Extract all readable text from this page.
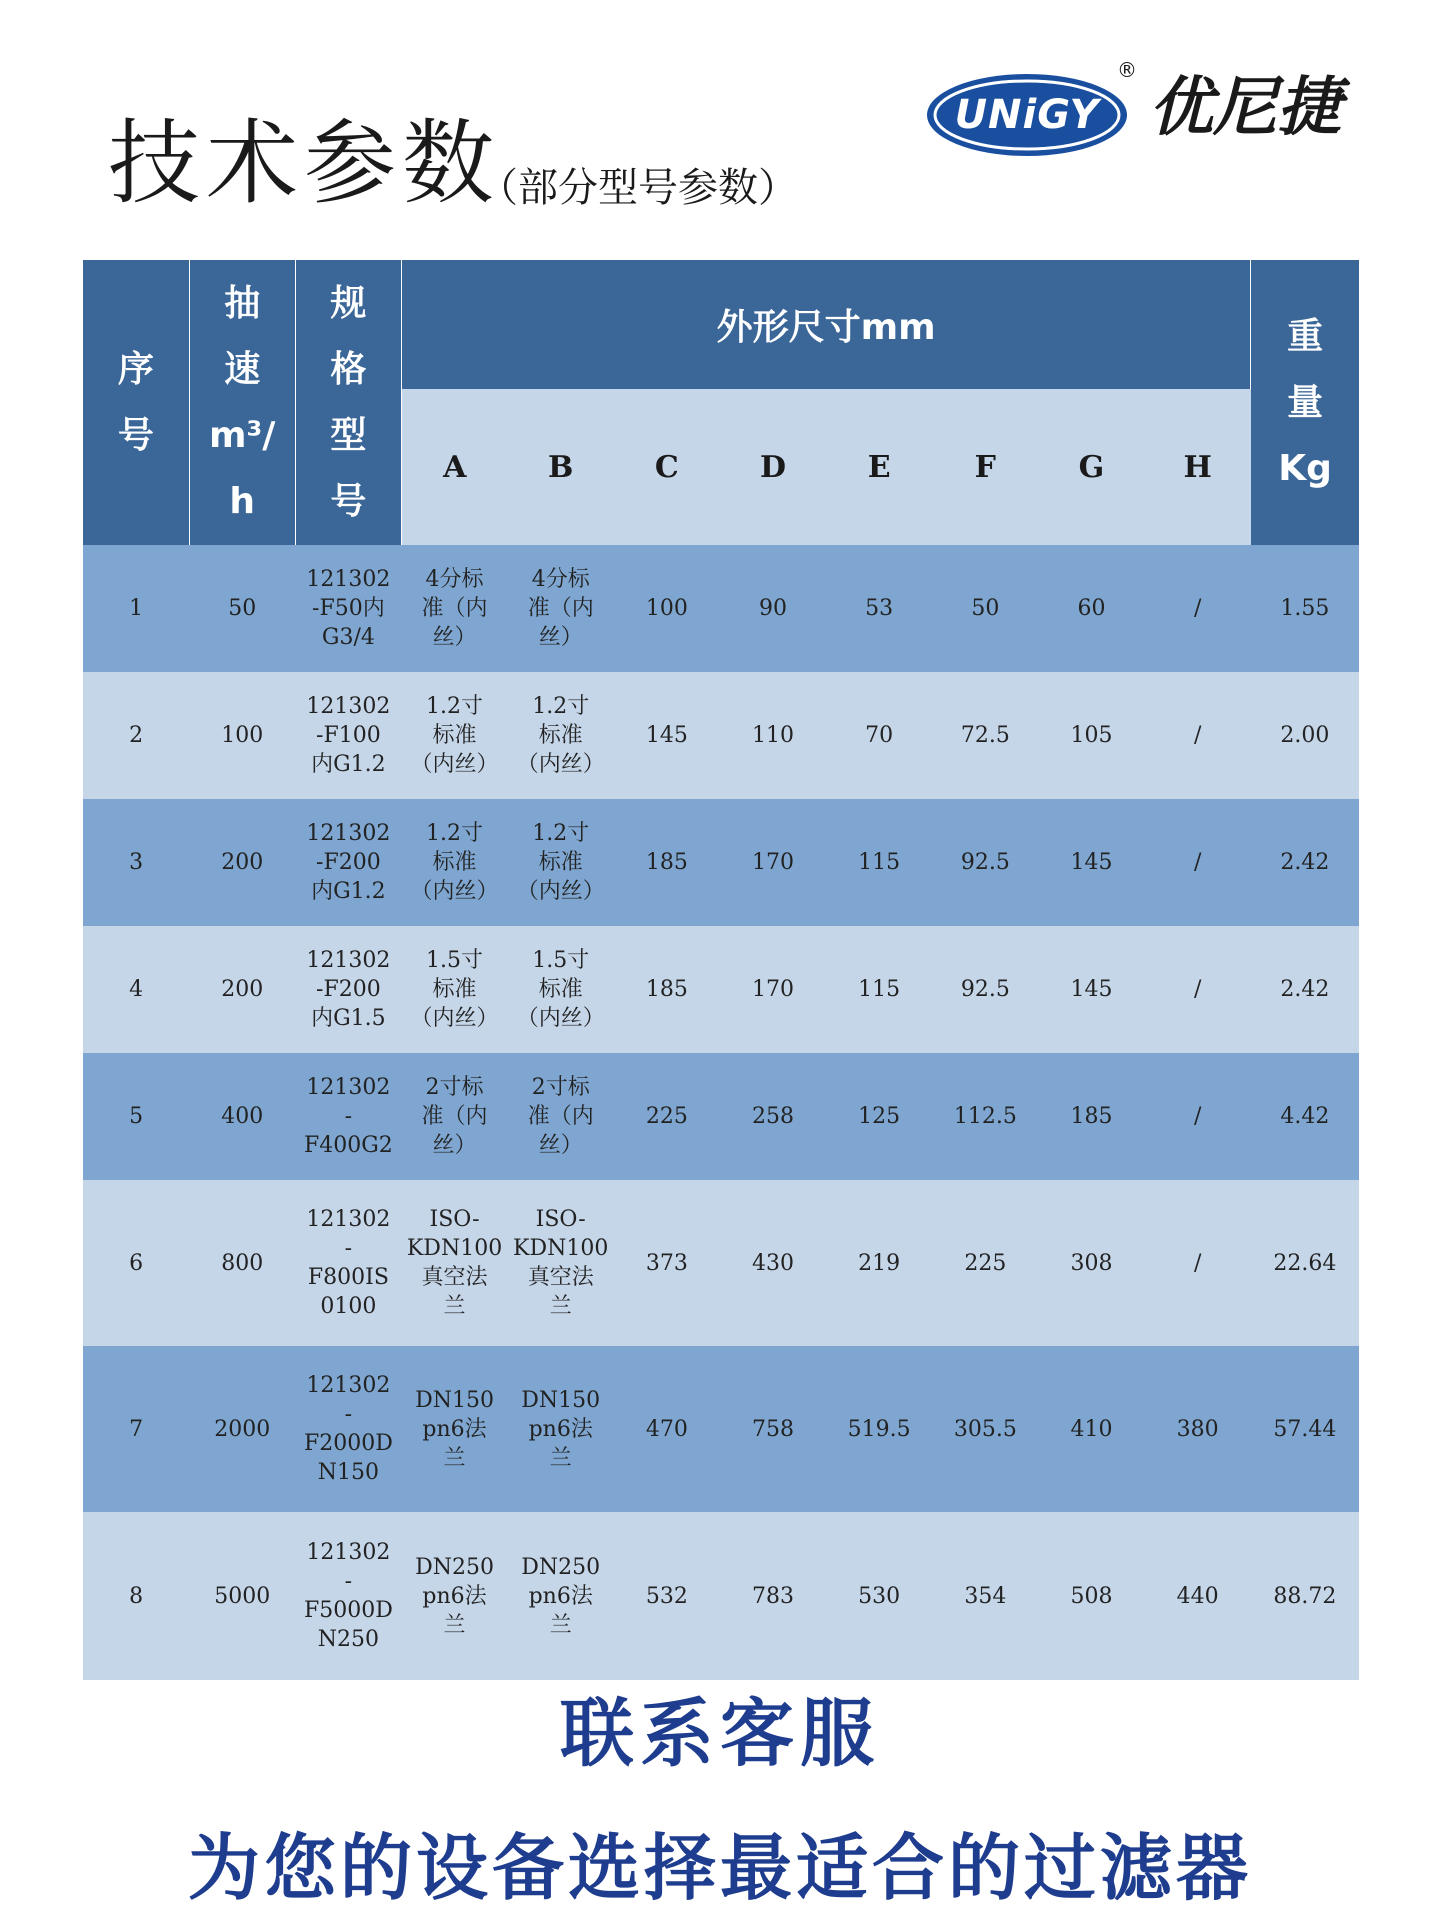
技术参数
（部分型号参数）
UNiGY
®
优尼捷
序
号	抽
速
m³/
h	规
格
型
号	外形尺寸mm								重
量
Kg

			A	B	C	D	E	F	G	H	
1	50	121302
-F50内
G3/4	4分标
准（内
丝）	4分标
准（内
丝）	100	90	53	50	60	/	1.55
2	100	121302
-F100
内G1.2	1.2寸
标准
（内丝）	1.2寸
标准
（内丝）	145	110	70	72.5	105	/	2.00
3	200	121302
-F200
内G1.2	1.2寸
标准
（内丝）	1.2寸
标准
（内丝）	185	170	115	92.5	145	/	2.42
4	200	121302
-F200
内G1.5	1.5寸
标准
（内丝）	1.5寸
标准
（内丝）	185	170	115	92.5	145	/	2.42
5	400	121302
-
F400G2	2寸标
准（内
丝）	2寸标
准（内
丝）	225	258	125	112.5	185	/	4.42
6	800	121302
-
F800IS
0100	ISO-
KDN100
真空法
兰	ISO-
KDN100
真空法
兰	373	430	219	225	308	/	22.64
7	2000	121302
-
F2000D
N150	DN150
pn6法
兰	DN150
pn6法
兰	470	758	519.5	305.5	410	380	57.44
8	5000	121302
-
F5000D
N250	DN250
pn6法
兰	DN250
pn6法
兰	532	783	530	354	508	440	88.72
联系客服
为您的设备选择最适合的过滤器
